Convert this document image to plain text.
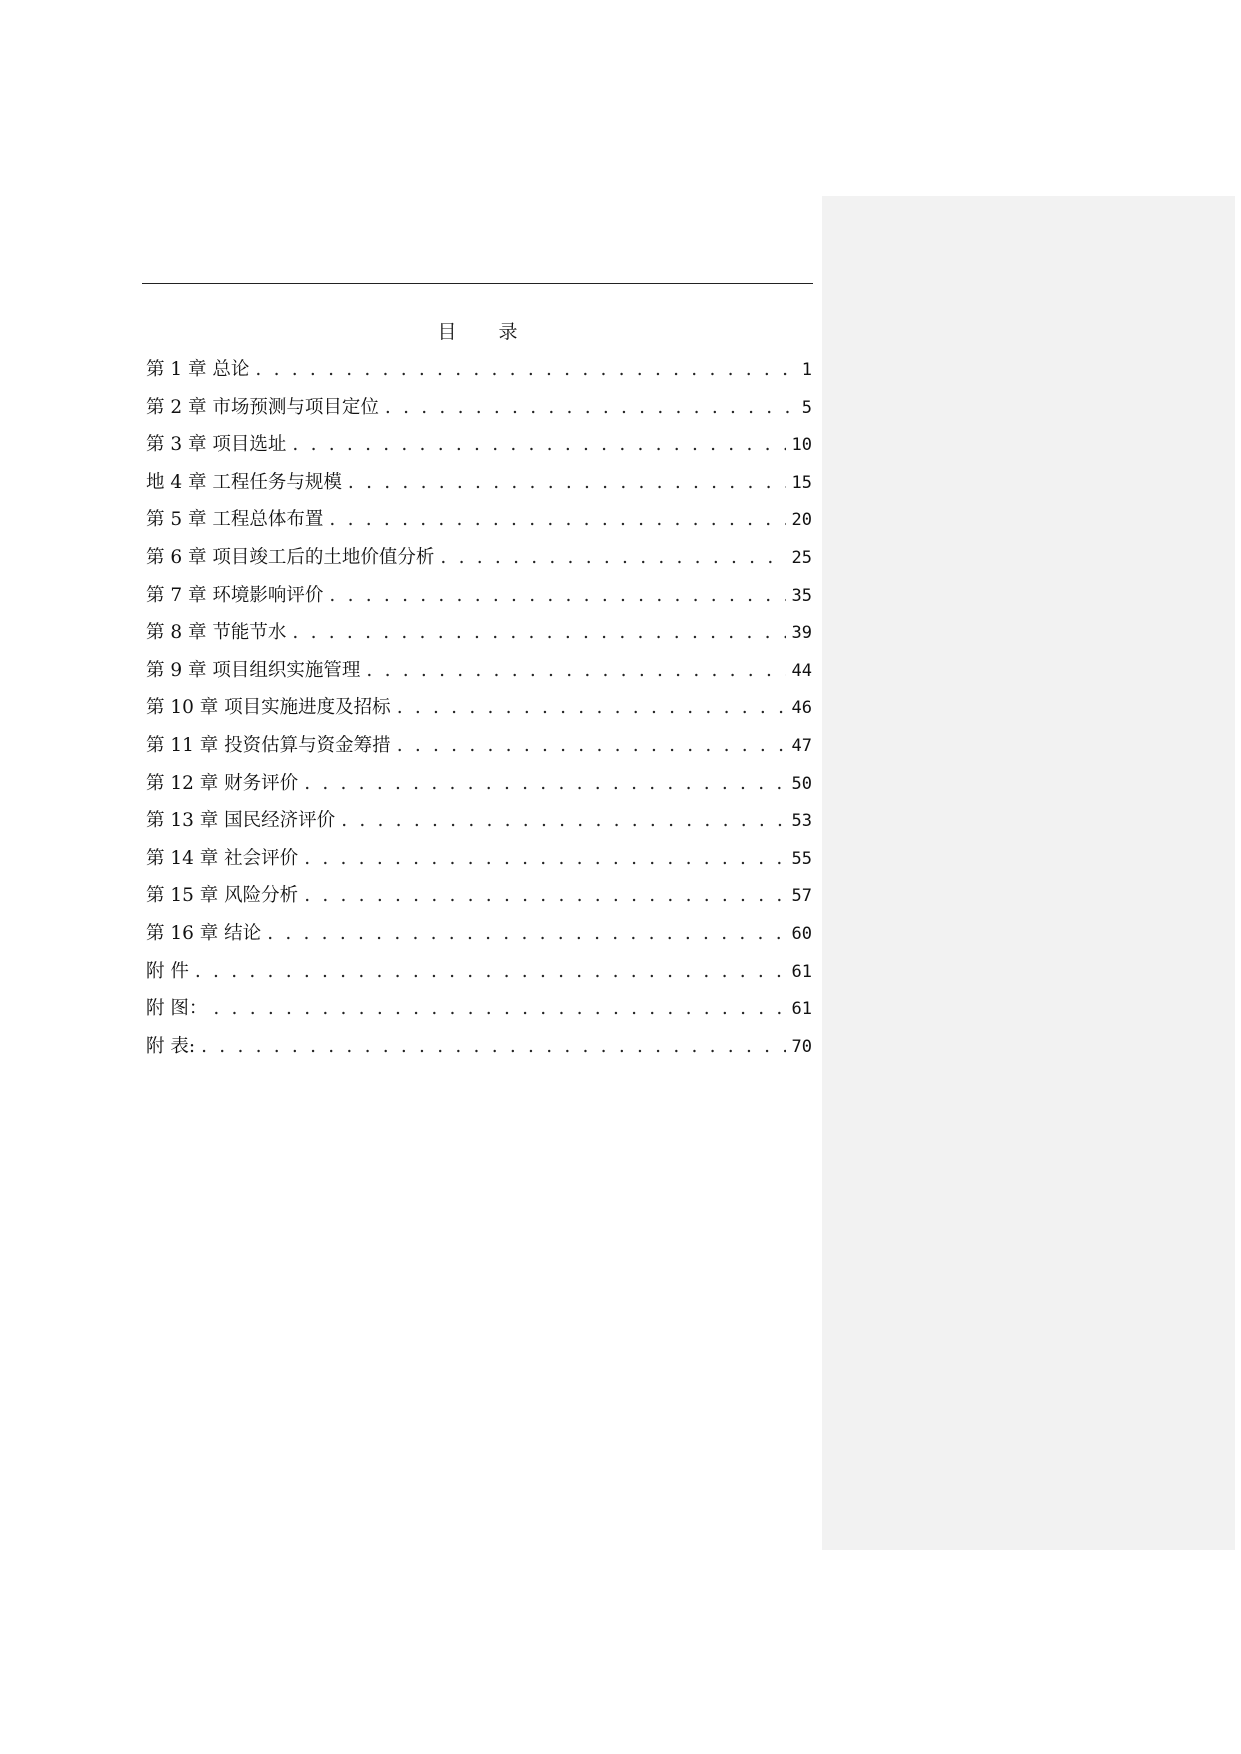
目 录
第 1 章 总论 . . .	1
第 2 章 市场预测与项目定位 . . .	5
第 3 章 项目选址 . . .	10
地 4 章 工程任务与规模 . . .	15
第 5 章 工程总体布置 . . .	20
第 6 章 项目竣工后的土地价值分析 . . .	25
第 7 章 环境影响评价 . . .	35
第 8 章 节能节水 . . .	39
第 9 章 项目组织实施管理 . . .	44
第 10 章 项目实施进度及招标 . . .	46
第 11 章 投资估算与资金筹措 . . .	47
第 12 章 财务评价 . . .	50
第 13 章 国民经济评价 . . .	53
第 14 章 社会评价 . . .	55
第 15 章 风险分析 . . .	57
第 16 章 结论 . . .	60
附 件 . . .	61
附 图： . . .	61
附 表: . . .	70
